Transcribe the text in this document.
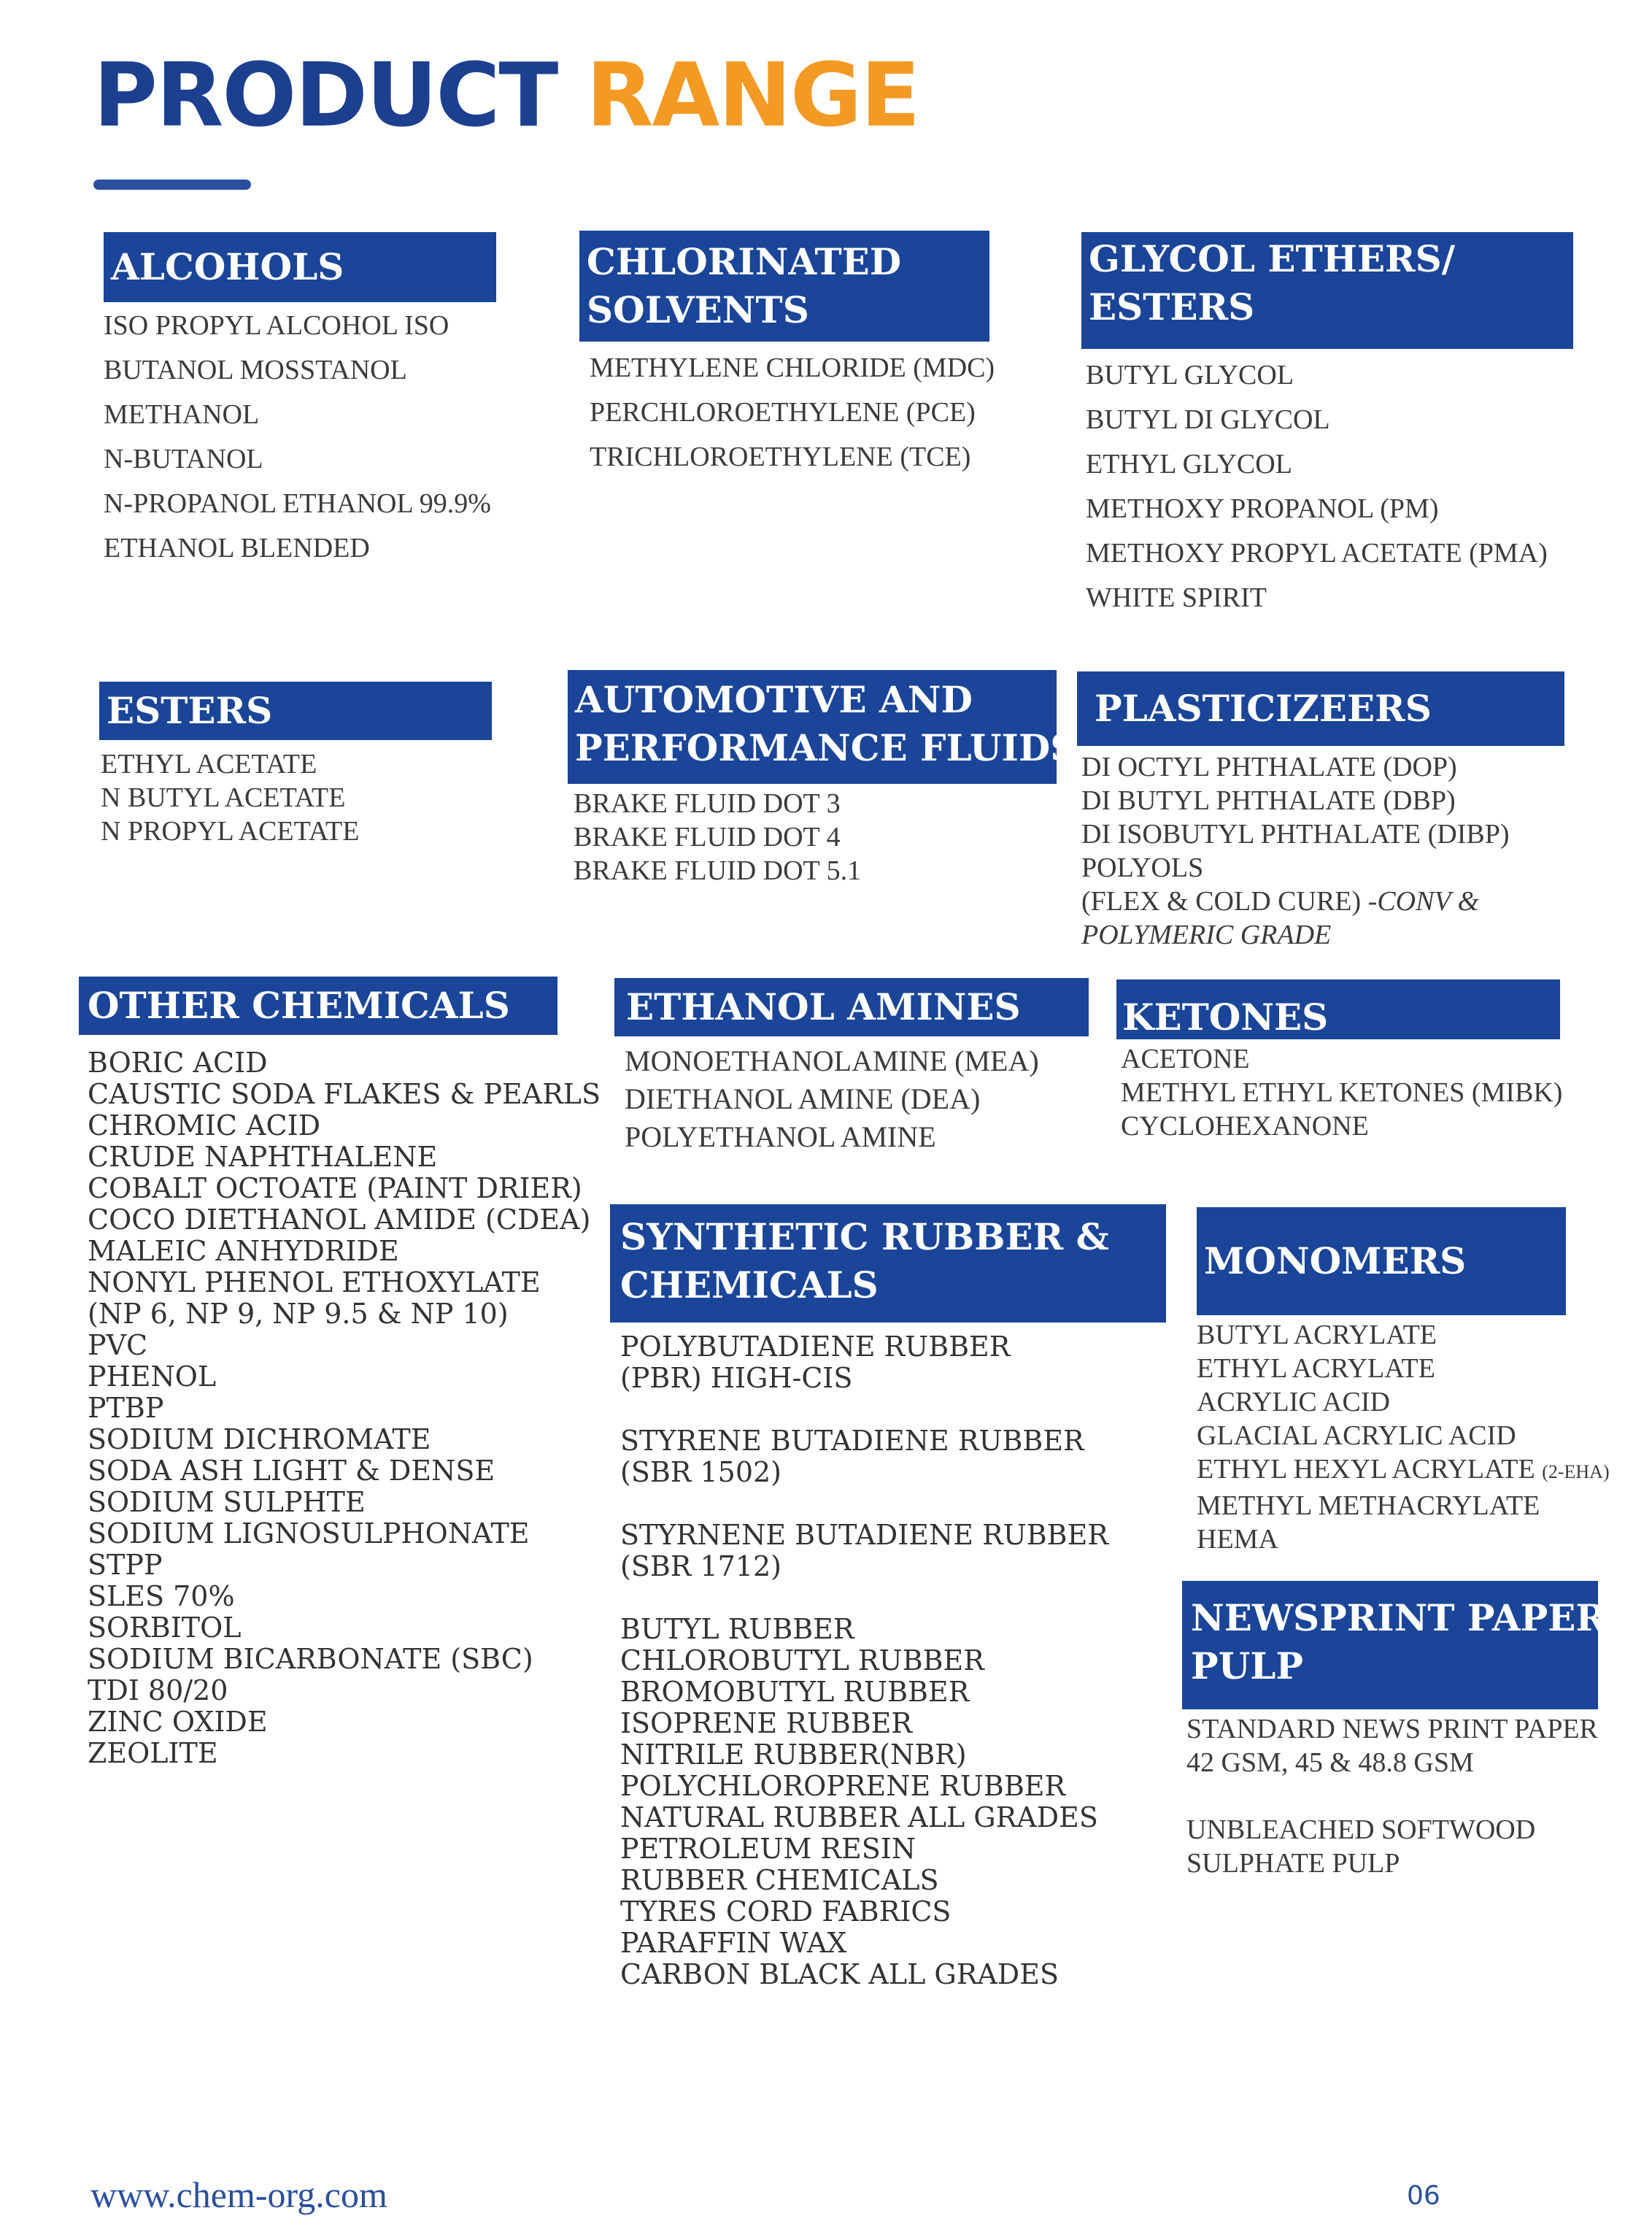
PRODUCT RANGE
ALCOHOLS
ISO PROPYL ALCOHOL ISO
BUTANOL MOSSTANOL
METHANOL
N-BUTANOL
N-PROPANOL ETHANOL 99.9%
ETHANOL BLENDED
CHLORINATED
SOLVENTS
METHYLENE CHLORIDE (MDC)
PERCHLOROETHYLENE (PCE)
TRICHLOROETHYLENE (TCE)
GLYCOL ETHERS/
ESTERS
BUTYL GLYCOL
BUTYL DI GLYCOL
ETHYL GLYCOL
METHOXY PROPANOL (PM)
METHOXY PROPYL ACETATE (PMA)
WHITE SPIRIT
ESTERS
ETHYL ACETATE
N BUTYL ACETATE
N PROPYL ACETATE
AUTOMOTIVE AND
PERFORMANCE FLUIDS
BRAKE FLUID DOT 3
BRAKE FLUID DOT 4
BRAKE FLUID DOT 5.1
PLASTICIZEERS
DI OCTYL PHTHALATE (DOP)
DI BUTYL PHTHALATE (DBP)
DI ISOBUTYL PHTHALATE (DIBP)
POLYOLS
(FLEX & COLD CURE) -CONV &
POLYMERIC GRADE
OTHER CHEMICALS
BORIC ACID
CAUSTIC SODA FLAKES & PEARLS
CHROMIC ACID
CRUDE NAPHTHALENE
COBALT OCTOATE (PAINT DRIER)
COCO DIETHANOL AMIDE (CDEA)
MALEIC ANHYDRIDE
NONYL PHENOL ETHOXYLATE
(NP 6, NP 9, NP 9.5 & NP 10)
PVC
PHENOL
PTBP
SODIUM DICHROMATE
SODA ASH LIGHT & DENSE
SODIUM SULPHTE
SODIUM LIGNOSULPHONATE
STPP
SLES 70%
SORBITOL
SODIUM BICARBONATE (SBC)
TDI 80/20
ZINC OXIDE
ZEOLITE
ETHANOL AMINES
MONOETHANOLAMINE (MEA)
DIETHANOL AMINE (DEA)
POLYETHANOL AMINE
KETONES
ACETONE
METHYL ETHYL KETONES (MIBK)
CYCLOHEXANONE
SYNTHETIC RUBBER &
CHEMICALS
POLYBUTADIENE RUBBER
(PBR) HIGH-CIS
STYRENE BUTADIENE RUBBER
(SBR 1502)
STYRNENE BUTADIENE RUBBER
(SBR 1712)
BUTYL RUBBER
CHLOROBUTYL RUBBER
BROMOBUTYL RUBBER
ISOPRENE RUBBER
NITRILE RUBBER(NBR)
POLYCHLOROPRENE RUBBER
NATURAL RUBBER ALL GRADES
PETROLEUM RESIN
RUBBER CHEMICALS
TYRES CORD FABRICS
PARAFFIN WAX
CARBON BLACK ALL GRADES
MONOMERS
BUTYL ACRYLATE
ETHYL ACRYLATE
ACRYLIC ACID
GLACIAL ACRYLIC ACID
ETHYL HEXYL ACRYLATE (2-EHA)
METHYL METHACRYLATE
HEMA
NEWSPRINT PAPER &
PULP
STANDARD NEWS PRINT PAPER
42 GSM, 45 & 48.8 GSM
UNBLEACHED SOFTWOOD
SULPHATE PULP
www.chem-org.com	06
